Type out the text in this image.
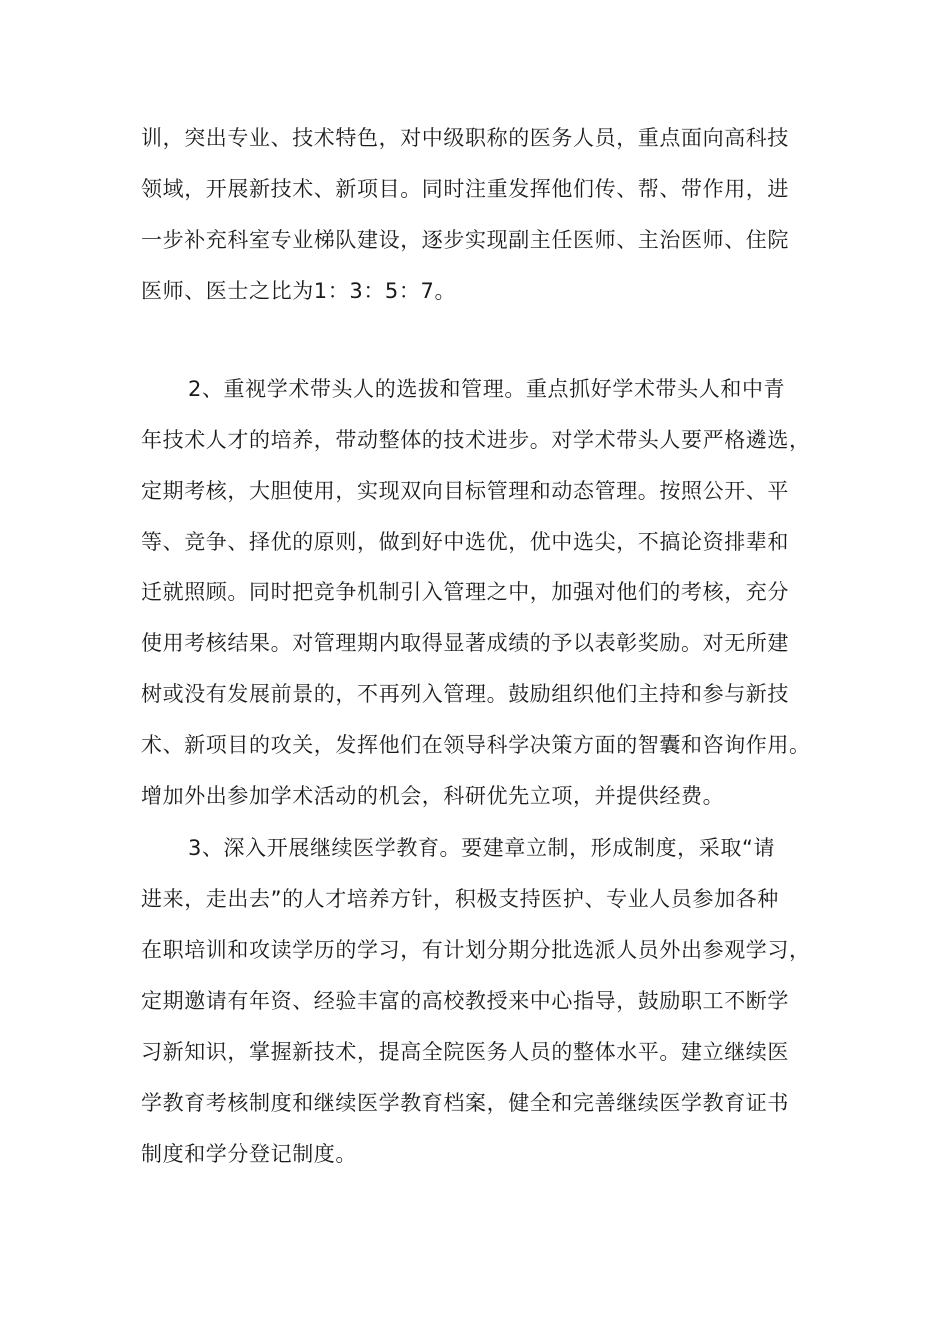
训，突出专业、技术特色，对中级职称的医务人员，重点面向高科技
领域，开展新技术、新项目。同时注重发挥他们传、帮、带作用，进
一步补充科室专业梯队建设，逐步实现副主任医师、主治医师、住院
医师、医士之比为1：3：5：7。
2、重视学术带头人的选拔和管理。重点抓好学术带头人和中青
年技术人才的培养，带动整体的技术进步。对学术带头人要严格遴选，
定期考核，大胆使用，实现双向目标管理和动态管理。按照公开、平
等、竞争、择优的原则，做到好中选优，优中选尖，不搞论资排辈和
迁就照顾。同时把竞争机制引入管理之中，加强对他们的考核，充分
使用考核结果。对管理期内取得显著成绩的予以表彰奖励。对无所建
树或没有发展前景的，不再列入管理。鼓励组织他们主持和参与新技
术、新项目的攻关，发挥他们在领导科学决策方面的智囊和咨询作用。
增加外出参加学术活动的机会，科研优先立项，并提供经费。
3、深入开展继续医学教育。要建章立制，形成制度，采取“请
进来，走出去”的人才培养方针，积极支持医护、专业人员参加各种
在职培训和攻读学历的学习，有计划分期分批选派人员外出参观学习，
定期邀请有年资、经验丰富的高校教授来中心指导，鼓励职工不断学
习新知识，掌握新技术，提高全院医务人员的整体水平。建立继续医
学教育考核制度和继续医学教育档案，健全和完善继续医学教育证书
制度和学分登记制度。
